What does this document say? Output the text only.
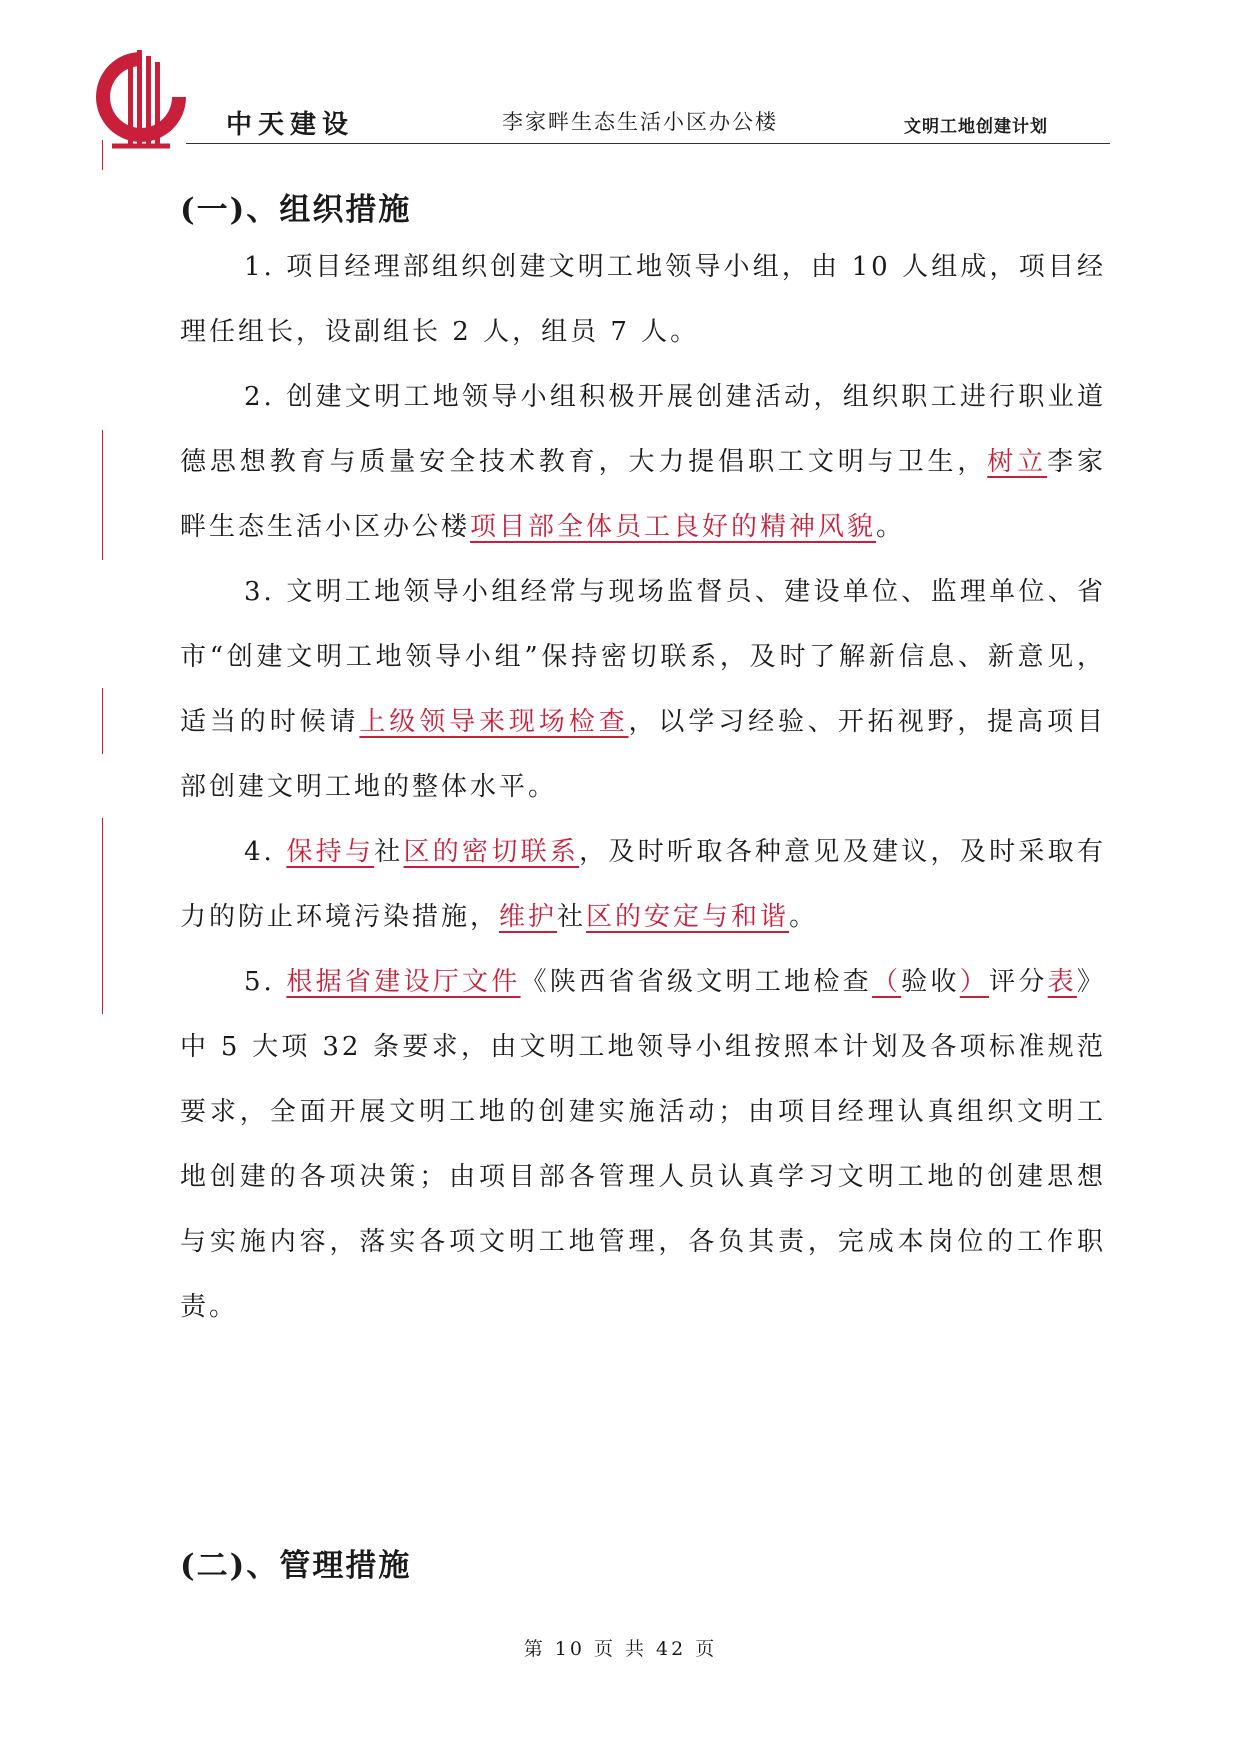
中天建设	李家畔生态生活小区办公楼	文明工地创建计划
(一)、组织措施

1. 项目经理部组织创建文明工地领导小组，由 10 人组成，项目经理任组长，设副组长 2 人，组员 7 人。

2. 创建文明工地领导小组积极开展创建活动，组织职工进行职业道德思想教育与质量安全技术教育，大力提倡职工文明与卫生，树立李家畔生态生活小区办公楼项目部全体员工良好的精神风貌。

3. 文明工地领导小组经常与现场监督员、建设单位、监理单位、省市“创建文明工地领导小组”保持密切联系，及时了解新信息、新意见，适当的时候请上级领导来现场检查，以学习经验、开拓视野，提高项目部创建文明工地的整体水平。

4. 保持与社区的密切联系，及时听取各种意见及建议，及时采取有力的防止环境污染措施，维护社区的安定与和谐。

5. 根据省建设厅文件《陕西省省级文明工地检查（验收）评分表》中 5 大项 32 条要求，由文明工地领导小组按照本计划及各项标准规范要求，全面开展文明工地的创建实施活动；由项目经理认真组织文明工地创建的各项决策；由项目部各管理人员认真学习文明工地的创建思想与实施内容，落实各项文明工地管理，各负其责，完成本岗位的工作职责。

(二)、管理措施
第 10 页 共 42 页
